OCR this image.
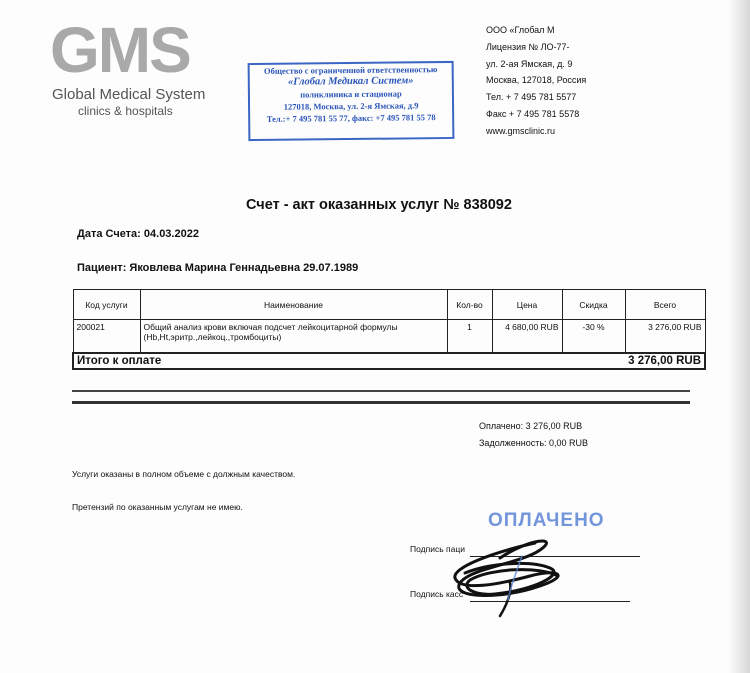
GMS
Global Medical System
clinics & hospitals
Общество с ограниченной ответственностью
«Глобал Медикал Систем»
поликлиника и стационар
127018, Москва, ул. 2-я Ямская, д.9
Тел.:+ 7 495 781 55 77, факс: +7 495 781 55 78
ООО «Глобал М
Лицензия № ЛО-77-
ул. 2-ая Ямская, д. 9
Москва, 127018, Россия
Тел. + 7 495 781 5577
Факс + 7 495 781 5578
www.gmsclinic.ru
Счет - акт оказанных услуг № 838092
Дата Счета: 04.03.2022
Пациент: Яковлева Марина Геннадьевна 29.07.1989
Код услуги	Наименование	Кол-во	Цена	Скидка	Всего
200021	Общий анализ крови включая подсчет лейкоцитарной формулы (Hb,Ht,эритр.,лейкоц.,тромбоциты)	1	4 680,00 RUB	-30 %	3 276,00 RUB

Итого к оплате 3 276,00 RUB					
Оплачено: 3 276,00 RUB
Задолженность: 0,00 RUB
Услуги оказаны в полном объеме с должным качеством.
Претензий по оказанным услугам не имею.
ОПЛАЧЕНО
Подпись паци
Подпись касс
